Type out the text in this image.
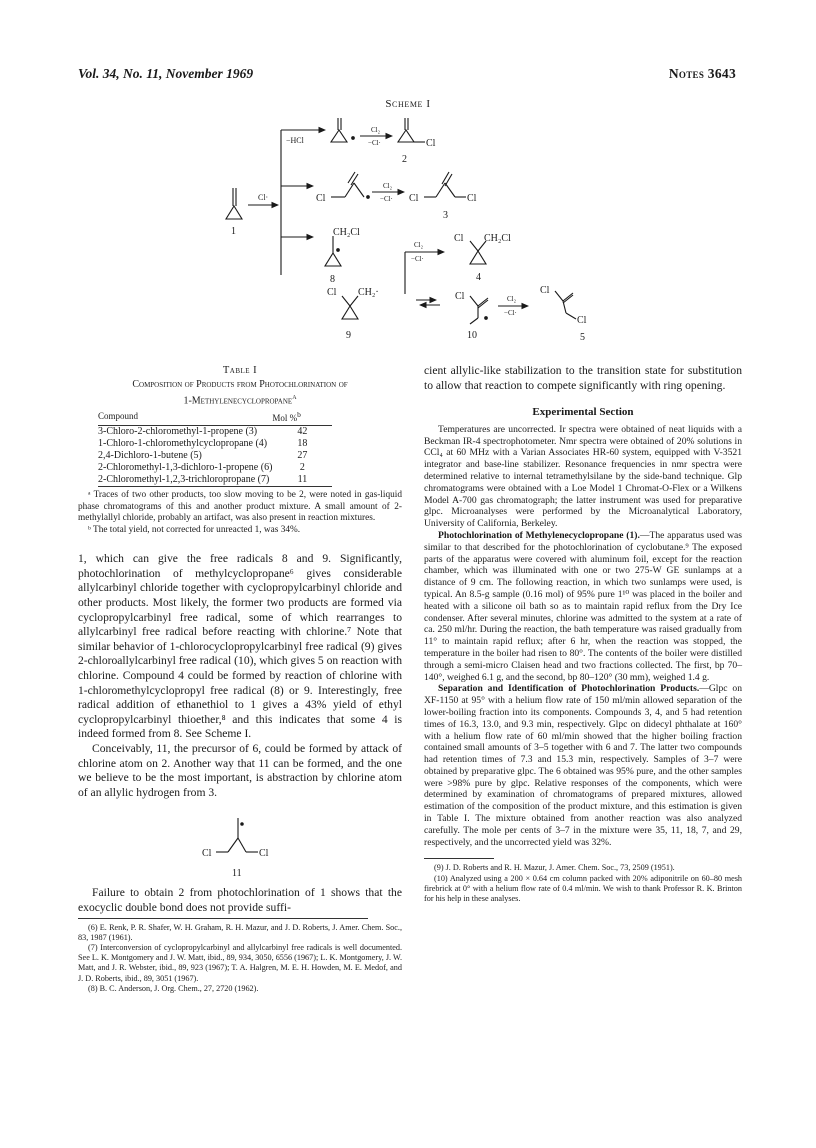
Vol. 34, No. 11, November 1969	Notes 3643
Scheme I
1
Cl·
−HCl
Cl₂
−Cl·	Cl
2
Cl
Cl₂
−Cl· Cl	Cl
3
CH₂Cl
8
Cl₂
−Cl·
Cl CH₂Cl
4
Cl CH₂·
9
Cl
10
Cl₂
−Cl·
Cl
Cl
5
Table I
Composition of Products from Photochlorination of
1-Methylenecyclopropane$^a$
Compound	Mol %$^b$
3-Chloro-2-chloromethyl-1-propene (3)	42
1-Chloro-1-chloromethylcyclopropane (4)	18
2,4-Dichloro-1-butene (5)	27
2-Chloromethyl-1,3-dichloro-1-propene (6)	2
2-Chloromethyl-1,2,3-trichloropropane (7)	11
ᵃ Traces of two other products, too slow moving to be 2, were noted in gas-liquid phase chromatograms of this and another product mixture. A small amount of 2-methylallyl chloride, probably an artifact, was also present in reaction mixtures.
ᵇ The total yield, not corrected for unreacted 1, was 34%.

1, which can give the free radicals 8 and 9. Significantly, photochlorination of methylcyclopropane⁶ gives considerable allylcarbinyl chloride together with cyclopropylcarbinyl chloride and other products. Most likely, the former two products are formed via cyclopropylcarbinyl free radical, some of which rearranges to allylcarbinyl free radical before reacting with chlorine.⁷ Note that similar behavior of 1-chlorocyclopropylcarbinyl free radical (9) gives 2-chloroallylcarbinyl free radical (10), which gives 5 on reaction with chlorine. Compound 4 could be formed by reaction of chlorine with 1-chloromethylcyclopropyl free radical (8) or 9. Interestingly, free radical addition of ethanethiol to 1 gives a 43% yield of ethyl cyclopropylcarbinyl thioether,⁸ and this indicates that some 4 is indeed formed from 8. See Scheme I.

Conceivably, 11, the precursor of 6, could be formed by attack of chlorine atom on 2. Another way that 11 can be formed, and the one we believe to be the most important, is abstraction by chlorine atom of an allylic hydrogen from 3.

Cl	Cl
11

Failure to obtain 2 from photochlorination of 1 shows that the exocyclic double bond does not provide suffi-

(6) E. Renk, P. R. Shafer, W. H. Graham, R. H. Mazur, and J. D. Roberts, J. Amer. Chem. Soc., 83, 1987 (1961).

(7) Interconversion of cyclopropylcarbinyl and allylcarbinyl free radicals is well documented. See L. K. Montgomery and J. W. Matt, ibid., 89, 934, 3050, 6556 (1967); L. K. Montgomery, J. W. Matt, and J. R. Webster, ibid., 89, 923 (1967); T. A. Halgren, M. E. H. Howden, M. E. Medof, and J. D. Roberts, ibid., 89, 3051 (1967).

(8) B. C. Anderson, J. Org. Chem., 27, 2720 (1962).

cient allylic-like stabilization to the transition state for substitution to allow that reaction to compete significantly with ring opening.

Experimental Section

Temperatures are uncorrected. Ir spectra were obtained of neat liquids with a Beckman IR-4 spectrophotometer. Nmr spectra were obtained of 20% solutions in CCl₄ at 60 MHz with a Varian Associates HR-60 system, equipped with V-3521 integrator and base-line stabilizer. Resonance frequencies in nmr spectra were determined relative to internal tetramethylsilane by the side-band technique. Glp chromatograms were obtained with a Loe Model 1 Chromat-O-Flex or a Wilkens Model A-700 gas chromatograph; the latter instrument was used for preparative glpc. Microanalyses were performed by the Microanalytical Laboratory, University of California, Berkeley.

Photochlorination of Methylenecyclopropane (1).—The apparatus used was similar to that described for the photochlorination of cyclobutane.⁹ The exposed parts of the apparatus were covered with aluminum foil, except for the reaction chamber, which was illuminated with one or two 275-W GE sunlamps at a distance of 9 cm. The following reaction, in which two sunlamps were used, is typical. An 8.5-g sample (0.16 mol) of 95% pure 1¹⁰ was placed in the boiler and heated with a silicone oil bath so as to maintain rapid reflux from the Dry Ice condenser. After several minutes, chlorine was admitted to the system at a rate of ca. 250 ml/hr. During the reaction, the bath temperature was raised gradually from 11° to maintain rapid reflux; after 6 hr, when the reaction was stopped, the temperature in the boiler had risen to 80°. The contents of the boiler were distilled through a semi-micro Claisen head and two fractions collected. The first, bp 70–140°, weighed 6.1 g, and the second, bp 80–120° (30 mm), weighed 1.4 g.

Separation and Identification of Photochlorination Products.—Glpc on XF-1150 at 95° with a helium flow rate of 150 ml/min allowed separation of the lower-boiling fraction into its components. Compounds 3, 4, and 5 had retention times of 16.3, 13.0, and 9.3 min, respectively. Glpc on didecyl phthalate at 160° with a helium flow rate of 60 ml/min showed that the higher boiling fraction contained small amounts of 3–5 together with 6 and 7. The latter two compounds had retention times of 7.3 and 15.3 min, respectively. Samples of 3–7 were obtained by preparative glpc. The 6 obtained was 95% pure, and the other samples were >98% pure by glpc. Relative responses of the components, which were determined by examination of chromatograms of prepared mixtures, allowed estimation of the composition of the product mixture, and this estimation is given in Table I. The mixture obtained from another reaction was also analyzed carefully. The mole per cents of 3–7 in the mixture were 35, 11, 18, 7, and 29, respectively, and the uncorrected yield was 32%.

(9) J. D. Roberts and R. H. Mazur, J. Amer. Chem. Soc., 73, 2509 (1951).

(10) Analyzed using a 200 × 0.64 cm column packed with 20% adiponitrile on 60–80 mesh firebrick at 0° with a helium flow rate of 0.4 ml/min. We wish to thank Professor R. K. Brinton for his help in these analyses.
